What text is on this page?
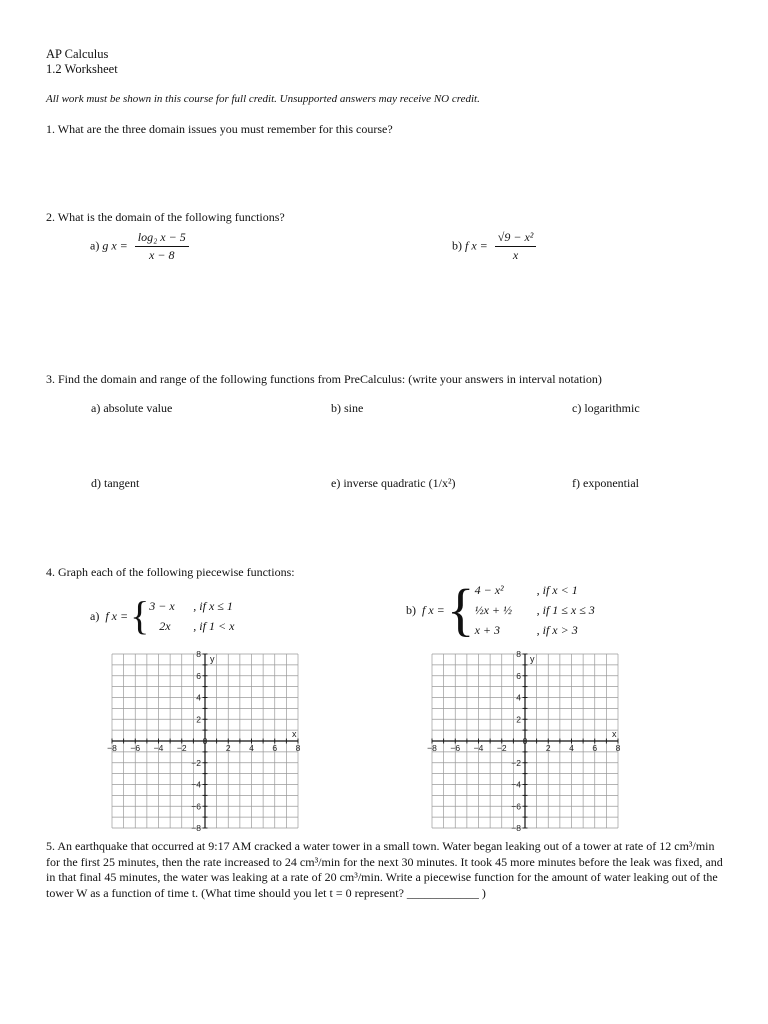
AP Calculus
1.2 Worksheet
All work must be shown in this course for full credit. Unsupported answers may receive NO credit.
1. What are the three domain issues you must remember for this course?
2. What is the domain of the following functions?
a) g $x = \frac{\text{log₂ x − 5}}{x - 8}$	b) f $x = \frac{\text{√9 − x²}}{x}$
3. Find the domain and range of the following functions from PreCalculus: (write your answers in interval notation)
a) absolute value	b) sine	c) logarithmic
d) tangent	e) inverse quadratic (1/x²)	f) exponential
4. Graph each of the following piecewise functions:
a) f x = { 3 − x , if x ≤ 1
2x , if 1 < x
b) f x = { 4 − x²	, if x < 1
½x + ½ , if 1 ≤ x ≤ 3
x + 3	, if x > 3
−8 −6 −4 −2	2 4 6 8
8
6
4
2
−2
−4
−6
−8
x
y
0
−8 −6 −4 −2	2 4 6 8
8
6
4
2
−2
−4
−6
−8
x
y
0
5. An earthquake that occurred at 9:17 AM cracked a water tower in a small town. Water began leaking out of a tower at rate of 12 cm³/min for the first 25 minutes, then the rate increased to 24 cm³/min for the next 30 minutes. It took 45 more minutes before the leak was fixed, and in that final 45 minutes, the water was leaking at a rate of 20 cm³/min. Write a piecewise function for the amount of water leaking out of the tower W as a function of time t. (What time should you let t = 0 represent? ____________ )
